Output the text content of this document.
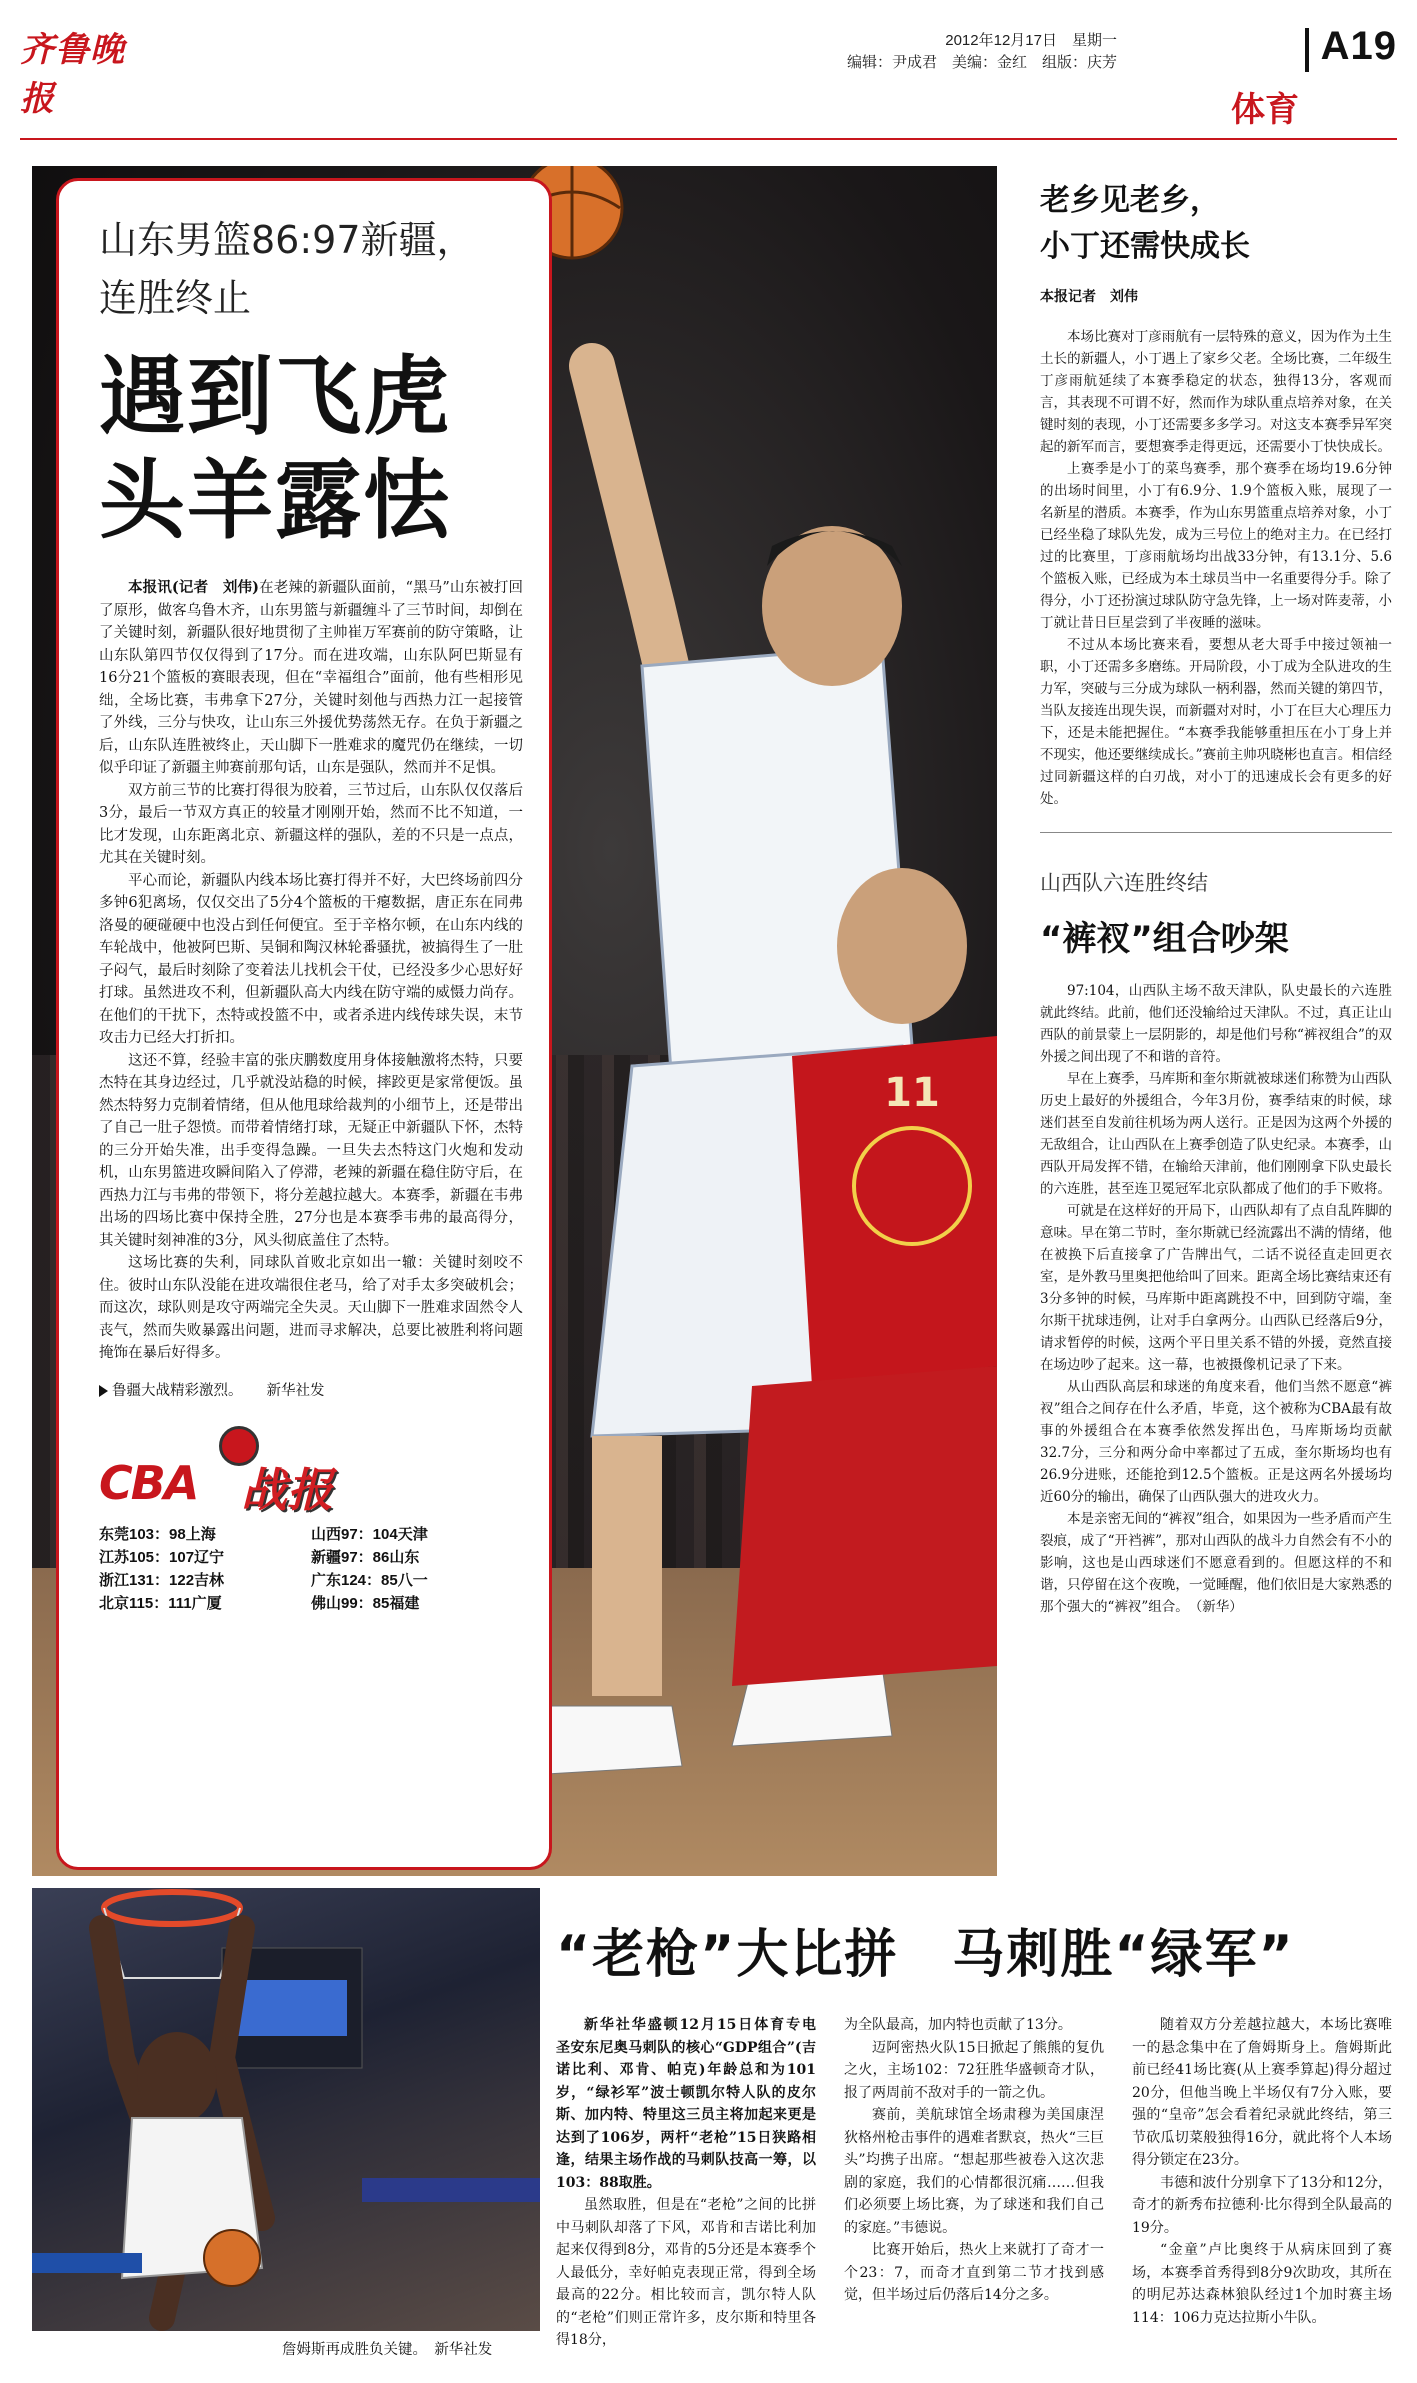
齐鲁晚报
2012年12月17日　星期一
编辑：尹成君　美编：金红　组版：庆芳	A19
体育
11
山东男篮86:97新疆，
连胜终止
遇到飞虎
头羊露怯

本报讯(记者　刘伟)在老辣的新疆队面前，“黑马”山东被打回了原形，做客乌鲁木齐，山东男篮与新疆缠斗了三节时间，却倒在了关键时刻，新疆队很好地贯彻了主帅崔万军赛前的防守策略，让山东队第四节仅仅得到了17分。而在进攻端，山东队阿巴斯显有16分21个篮板的赛眼表现，但在“幸福组合”面前，他有些相形见绌，全场比赛，韦弗拿下27分，关键时刻他与西热力江一起接管了外线，三分与快攻，让山东三外援优势荡然无存。在负于新疆之后，山东队连胜被终止，天山脚下一胜难求的魔咒仍在继续，一切似乎印证了新疆主帅赛前那句话，山东是强队，然而并不足惧。

双方前三节的比赛打得很为胶着，三节过后，山东队仅仅落后3分，最后一节双方真正的较量才刚刚开始，然而不比不知道，一比才发现，山东距离北京、新疆这样的强队，差的不只是一点点，尤其在关键时刻。

平心而论，新疆队内线本场比赛打得并不好，大巴终场前四分多钟6犯离场，仅仅交出了5分4个篮板的干瘪数据，唐正东在同弗洛曼的硬碰硬中也没占到任何便宜。至于辛格尔顿，在山东内线的车轮战中，他被阿巴斯、吴铜和陶汉林轮番骚扰，被搞得生了一肚子闷气，最后时刻除了变着法儿找机会干仗，已经没多少心思好好打球。虽然进攻不利，但新疆队高大内线在防守端的威慑力尚存。在他们的干扰下，杰特或投篮不中，或者杀进内线传球失误，末节攻击力已经大打折扣。

这还不算，经验丰富的张庆鹏数度用身体接触激将杰特，只要杰特在其身边经过，几乎就没站稳的时候，摔跤更是家常便饭。虽然杰特努力克制着情绪，但从他甩球给裁判的小细节上，还是带出了自己一肚子怨愤。而带着情绪打球，无疑正中新疆队下怀，杰特的三分开始失准，出手变得急躁。一旦失去杰特这门火炮和发动机，山东男篮进攻瞬间陷入了停滞，老辣的新疆在稳住防守后，在西热力江与韦弗的带领下，将分差越拉越大。本赛季，新疆在韦弗出场的四场比赛中保持全胜，27分也是本赛季韦弗的最高得分，其关键时刻神准的3分，风头彻底盖住了杰特。

这场比赛的失利，同球队首败北京如出一辙：关键时刻咬不住。彼时山东队没能在进攻端很住老马，给了对手太多突破机会；而这次，球队则是攻守两端完全失灵。天山脚下一胜难求固然令人丧气，然而失败暴露出问题，进而寻求解决，总要比被胜利将问题掩饰在暴后好得多。

鲁疆大战精彩激烈。 新华社发
CBA 战报
东莞103：98上海	山西97：104天津
江苏105：107辽宁	新疆97：86山东
浙江131：122吉林	广东124：85八一
北京115：111广厦	佛山99：85福建
老乡见老乡，
小丁还需快成长
本报记者　刘伟

本场比赛对丁彦雨航有一层特殊的意义，因为作为土生土长的新疆人，小丁遇上了家乡父老。全场比赛，二年级生丁彦雨航延续了本赛季稳定的状态，独得13分，客观而言，其表现不可谓不好，然而作为球队重点培养对象，在关键时刻的表现，小丁还需要多多学习。对这支本赛季异军突起的新军而言，要想赛季走得更远，还需要小丁快快成长。

上赛季是小丁的菜鸟赛季，那个赛季在场均19.6分钟的出场时间里，小丁有6.9分、1.9个篮板入账，展现了一名新星的潜质。本赛季，作为山东男篮重点培养对象，小丁已经坐稳了球队先发，成为三号位上的绝对主力。在已经打过的比赛里，丁彦雨航场均出战33分钟，有13.1分、5.6个篮板入账，已经成为本土球员当中一名重要得分手。除了得分，小丁还扮演过球队防守急先锋，上一场对阵麦蒂，小丁就让昔日巨星尝到了半夜睡的滋味。

不过从本场比赛来看，要想从老大哥手中接过领袖一职，小丁还需多多磨练。开局阶段，小丁成为全队进攻的生力军，突破与三分成为球队一柄利器，然而关键的第四节，当队友接连出现失误，而新疆对对时，小丁在巨大心理压力下，还是未能把握住。“本赛季我能够重担压在小丁身上并不现实，他还要继续成长。”赛前主帅巩晓彬也直言。相信经过同新疆这样的白刃战，对小丁的迅速成长会有更多的好处。

山西队六连胜终结
“裤衩”组合吵架

97:104，山西队主场不敌天津队，队史最长的六连胜就此终结。此前，他们还没输给过天津队。不过，真正让山西队的前景蒙上一层阴影的，却是他们号称“裤衩组合”的双外援之间出现了不和谐的音符。

早在上赛季，马库斯和奎尔斯就被球迷们称赞为山西队历史上最好的外援组合，今年3月份，赛季结束的时候，球迷们甚至自发前往机场为两人送行。正是因为这两个外援的无敌组合，让山西队在上赛季创造了队史纪录。本赛季，山西队开局发挥不错，在输给天津前，他们刚刚拿下队史最长的六连胜，甚至连卫冕冠军北京队都成了他们的手下败将。

可就是在这样好的开局下，山西队却有了点自乱阵脚的意味。早在第二节时，奎尔斯就已经流露出不满的情绪，他在被换下后直接拿了广告牌出气，二话不说径直走回更衣室，是外教马里奥把他给叫了回来。距离全场比赛结束还有3分多钟的时候，马库斯中距离跳投不中，回到防守端，奎尔斯干扰球违例，让对手白拿两分。山西队已经落后9分，请求暂停的时候，这两个平日里关系不错的外援，竟然直接在场边吵了起来。这一幕，也被摄像机记录了下来。

从山西队高层和球迷的角度来看，他们当然不愿意“裤衩”组合之间存在什么矛盾，毕竟，这个被称为CBA最有故事的外援组合在本赛季依然发挥出色，马库斯场均贡献32.7分，三分和两分命中率都过了五成，奎尔斯场均也有26.9分进账，还能抢到12.5个篮板。正是这两名外援场均近60分的输出，确保了山西队强大的进攻火力。

本是亲密无间的“裤衩”组合，如果因为一些矛盾而产生裂痕，成了“开裆裤”，那对山西队的战斗力自然会有不小的影响，这也是山西球迷们不愿意看到的。但愿这样的不和谐，只停留在这个夜晚，一觉睡醒，他们依旧是大家熟悉的那个强大的“裤衩”组合。　（新华）

詹姆斯再成胜负关键。　 新华社发
“老枪”大比拼　马刺胜“绿军”

新华社华盛顿12月15日体育专电　圣安东尼奥马刺队的核心“GDP组合”(吉诺比利、邓肯、帕克)年龄总和为101岁，“绿衫军”波士顿凯尔特人队的皮尔斯、加内特、特里这三员主将加起来更是达到了106岁，两杆“老枪”15日狭路相逢，结果主场作战的马刺队技高一筹，以103：88取胜。

虽然取胜，但是在“老枪”之间的比拼中马刺队却落了下风，邓肯和吉诺比利加起来仅得到8分，邓肯的5分还是本赛季个人最低分，幸好帕克表现正常，得到全场最高的22分。相比较而言，凯尔特人队的“老枪”们则正常许多，皮尔斯和特里各得18分，

为全队最高，加内特也贡献了13分。

迈阿密热火队15日掀起了熊熊的复仇之火，主场102：72狂胜华盛顿奇才队，报了两周前不敌对手的一箭之仇。

赛前，美航球馆全场肃穆为美国康涅狄格州枪击事件的遇难者默哀，热火“三巨头”均携子出席。“想起那些被卷入这次悲剧的家庭，我们的心情都很沉痛……但我们必须要上场比赛，为了球迷和我们自己的家庭。”韦德说。

比赛开始后，热火上来就打了奇才一个23：7，而奇才直到第二节才找到感觉，但半场过后仍落后14分之多。

随着双方分差越拉越大，本场比赛唯一的悬念集中在了詹姆斯身上。詹姆斯此前已经41场比赛(从上赛季算起)得分超过20分，但他当晚上半场仅有7分入账，要强的“皇帝”怎会看着纪录就此终结，第三节砍瓜切菜般独得16分，就此将个人本场得分锁定在23分。

韦德和波什分别拿下了13分和12分，奇才的新秀布拉德利·比尔得到全队最高的19分。

“金童”卢比奥终于从病床回到了赛场，本赛季首秀得到8分9次助攻，其所在的明尼苏达森林狼队经过1个加时赛主场114：106力克达拉斯小牛队。
